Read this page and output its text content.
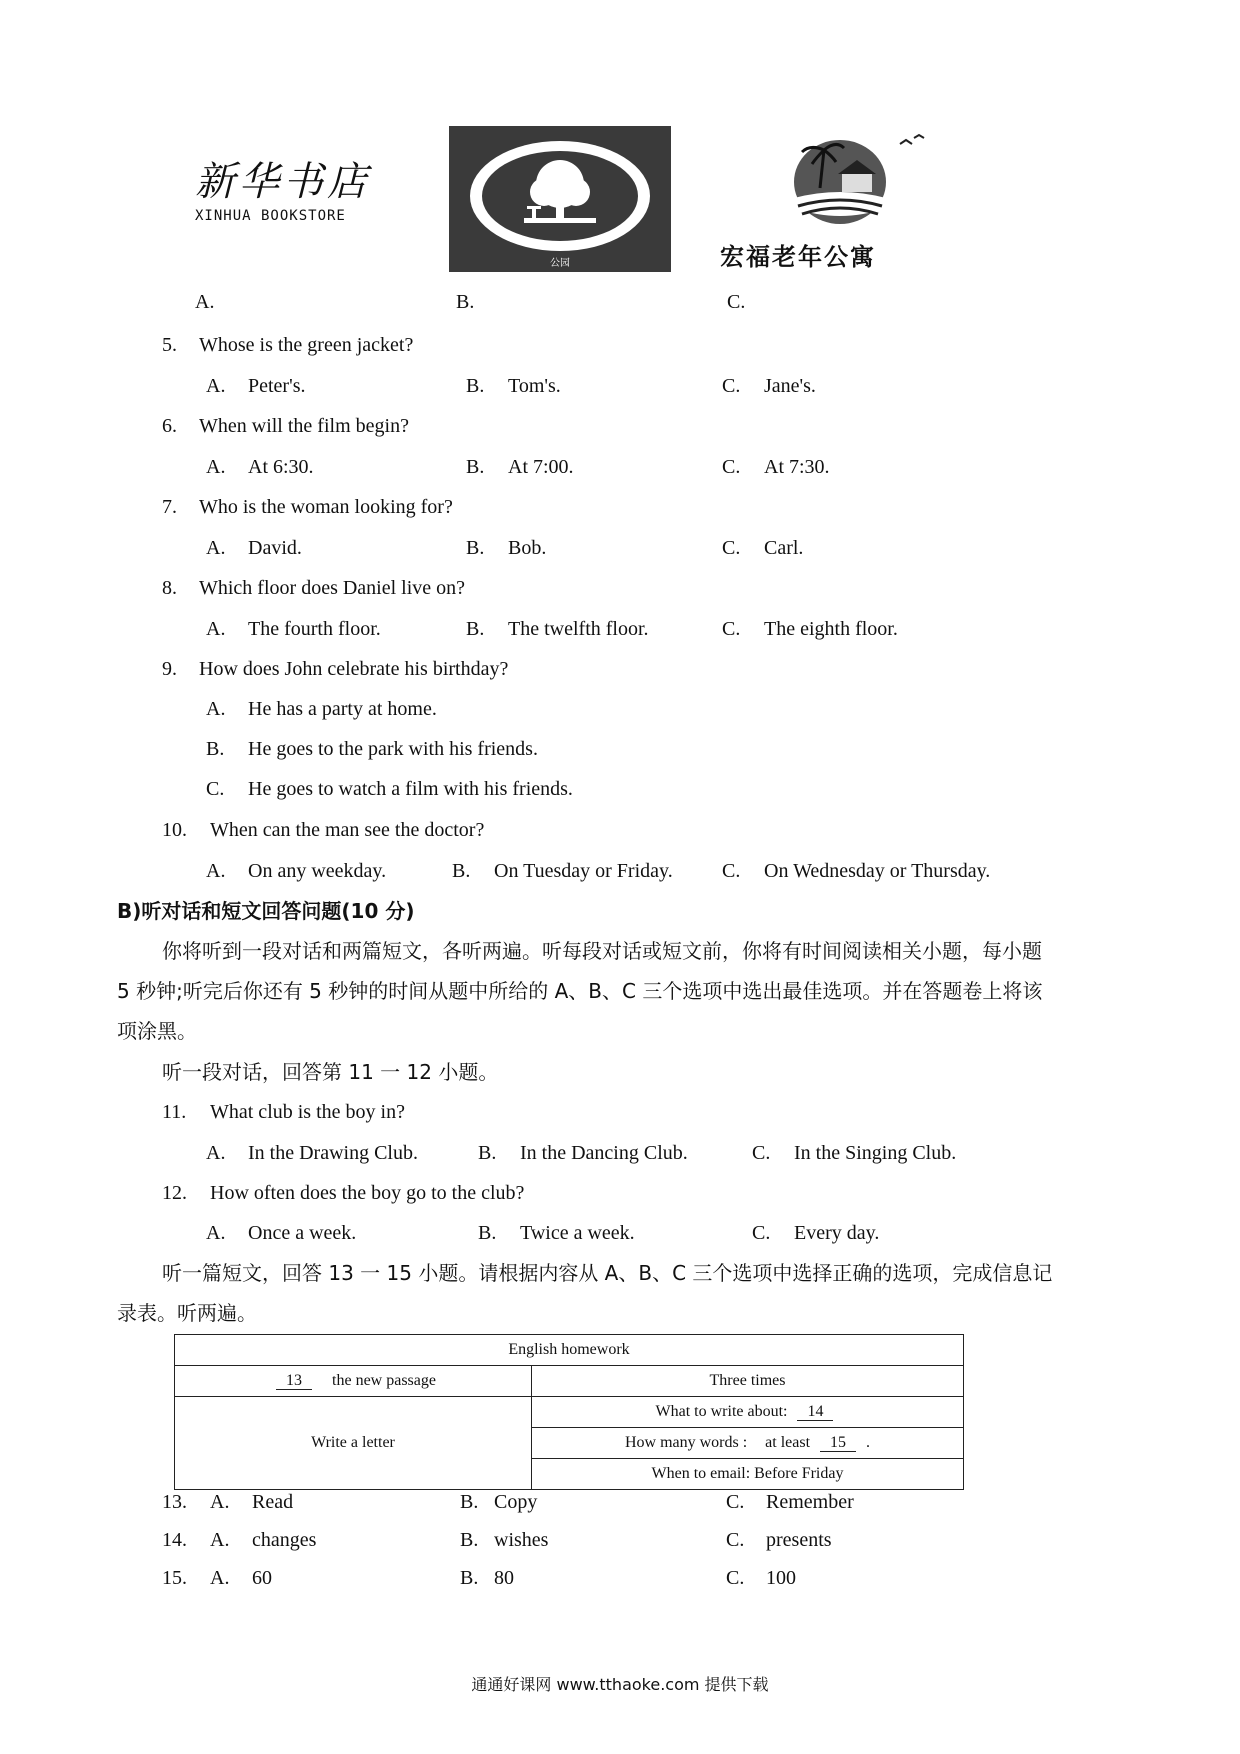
新华书店
XINHUA BOOKSTORE
公园	宏福老年公寓
A.	B.	C.
5. Whose is the green jacket?
A. Peter's.	B. Tom's.	C. Jane's.
6. When will the film begin?
A. At 6:30.	B. At 7:00.	C. At 7:30.
7. Who is the woman looking for?
A. David.	B. Bob.	C. Carl.
8. Which floor does Daniel live on?
A. The fourth floor.	B. The twelfth floor.	C. The eighth floor.
9. How does John celebrate his birthday?
A. He has a party at home.
B. He goes to the park with his friends.
C. He goes to watch a film with his friends.
10. When can the man see the doctor?
A. On any weekday.	B. On Tuesday or Friday. C. On Wednesday or Thursday.
B)听对话和短文回答问题(10 分)
你将听到一段对话和两篇短文，各听两遍。听每段对话或短文前，你将有时间阅读相关小题，每小题
5 秒钟;听完后你还有 5 秒钟的时间从题中所给的 A、B、C 三个选项中选出最佳选项。并在答题卷上将该
项涂黑。
听一段对话，回答第 11 一 12 小题。
11. What club is the boy in?
A. In the Drawing Club.	B. In the Dancing Club.	C. In the Singing Club.
12. How often does the boy go to the club?
A. Once a week.	B. Twice a week.	C. Every day.
听一篇短文，回答 13 一 15 小题。请根据内容从 A、B、C 三个选项中选择正确的选项，完成信息记
录表。听两遍。
English homework	
13 the new passage	Three times
Write a letter	What to write about: 14
	How many words : at least 15 .
	When to email: Before Friday
13. A. Read	B. Copy	C. Remember
14. A. changes	B. wishes	C. presents
15. A. 60	B. 80	C. 100
通通好课网 www.tthaoke.com 提供下载
